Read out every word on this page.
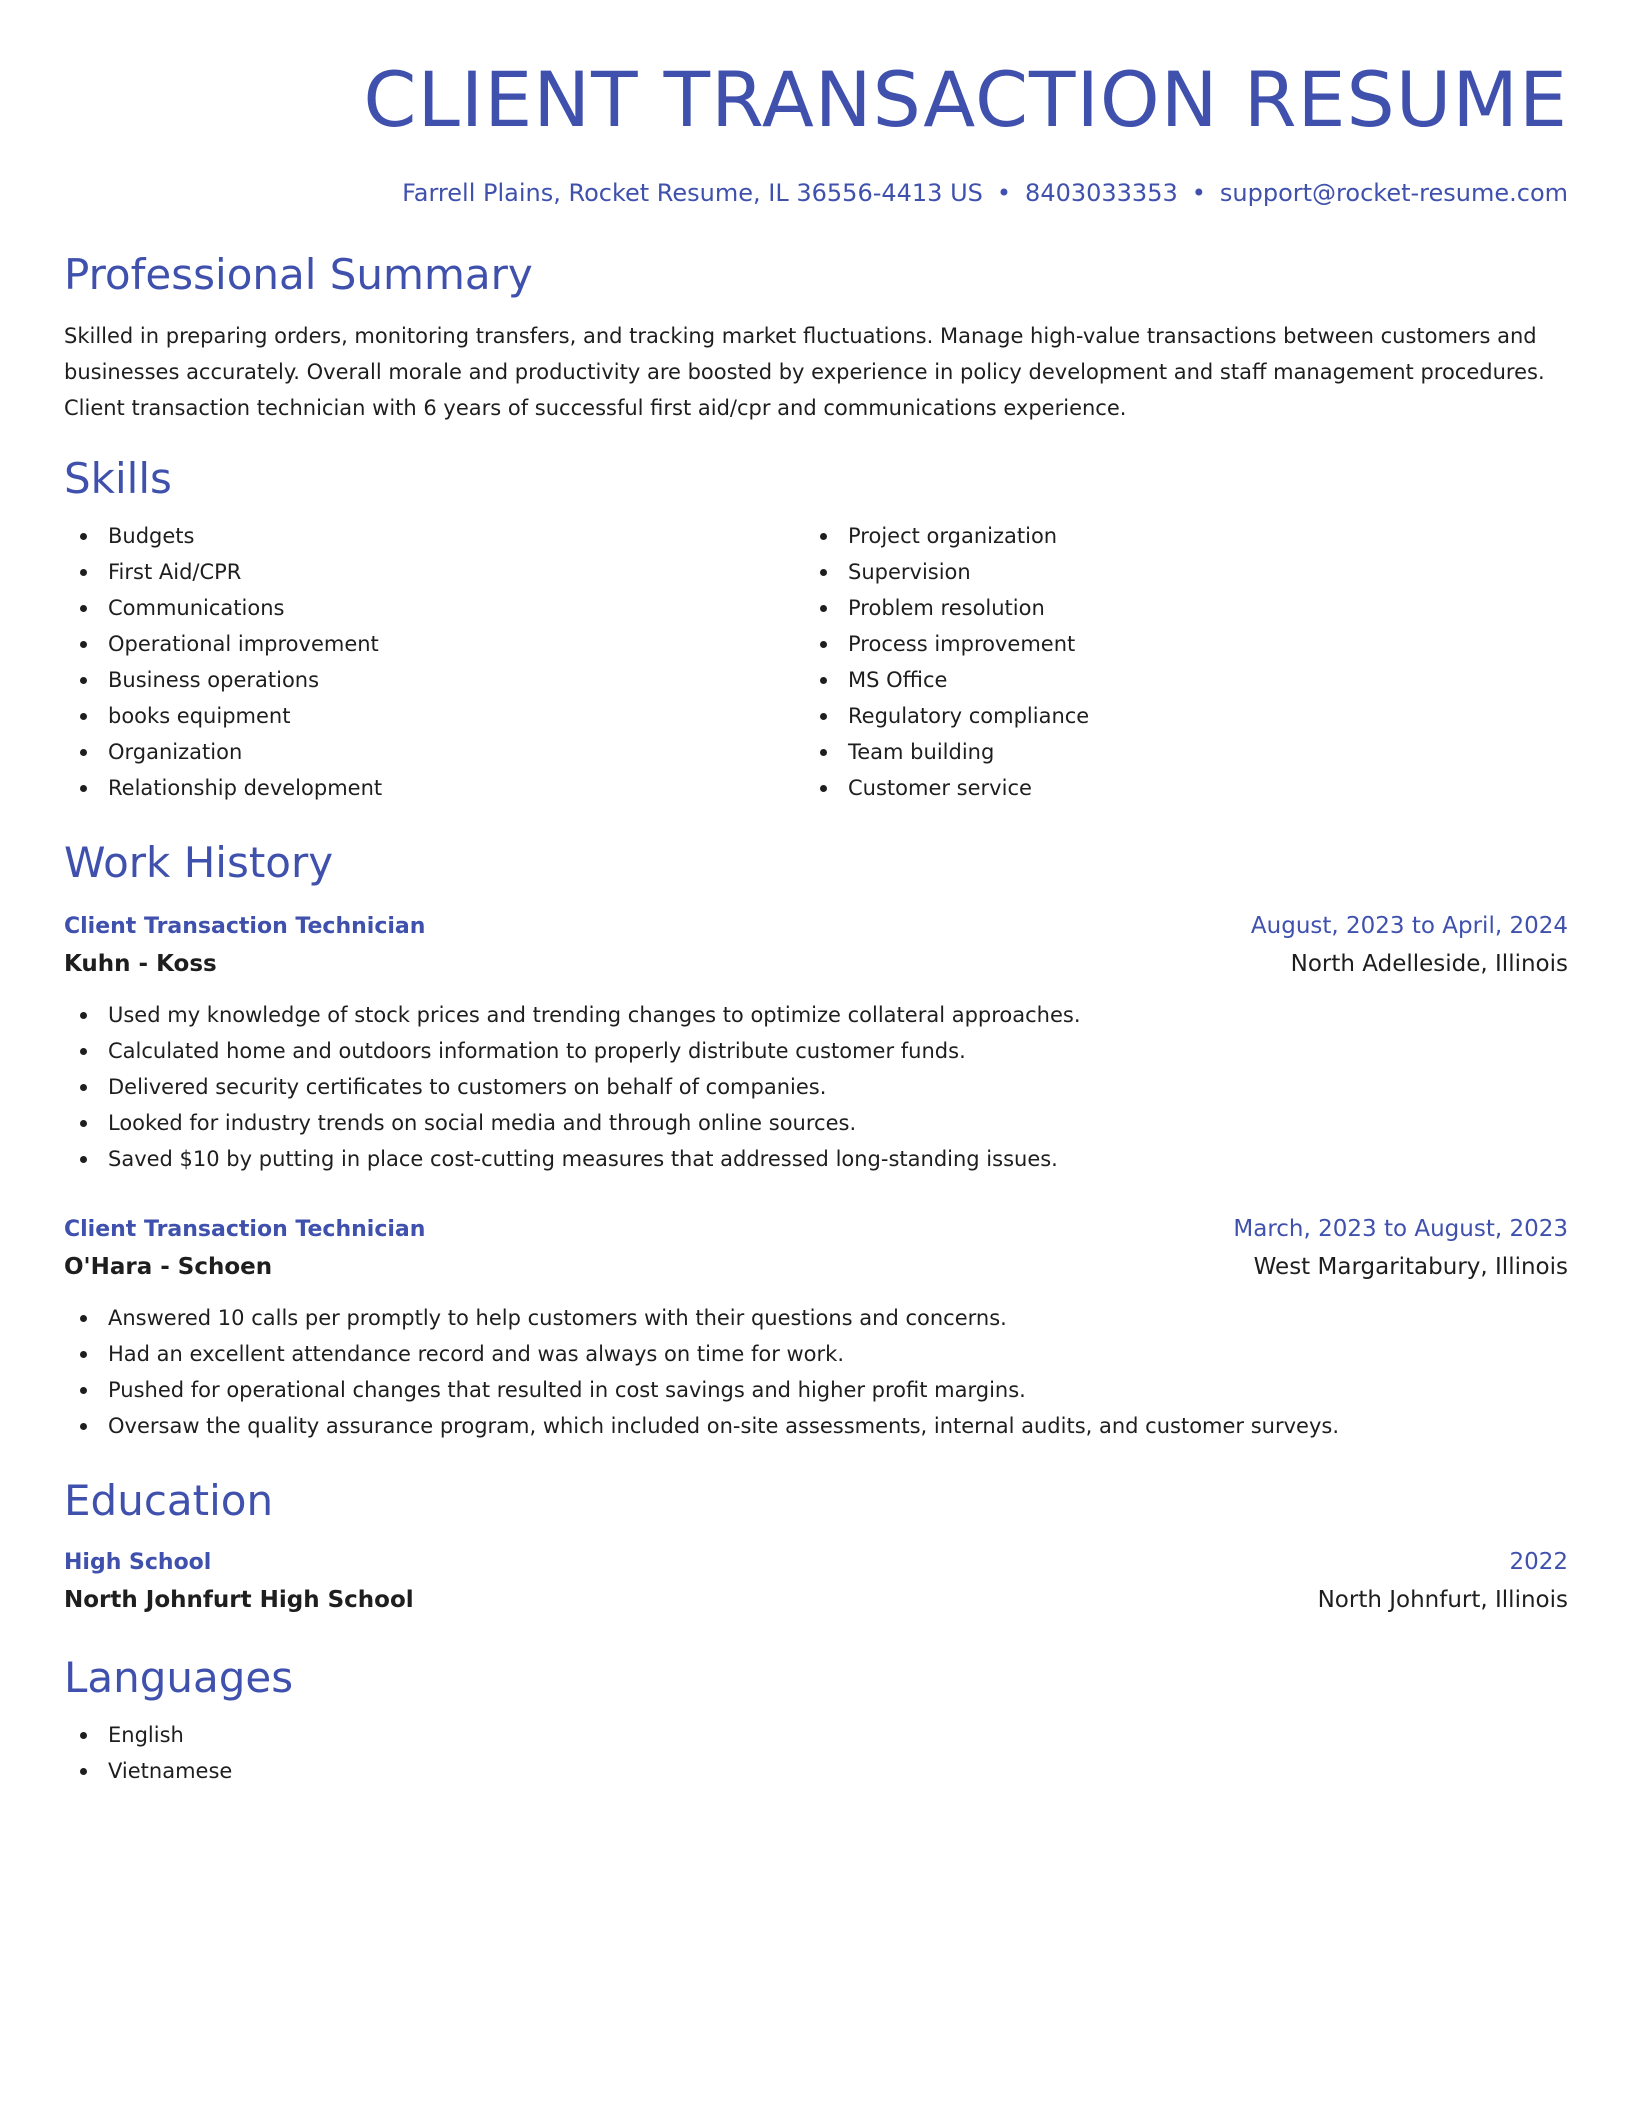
CLIENT TRANSACTION RESUME
Farrell Plains, Rocket Resume, IL 36556-4413 US • 8403033353 • support@rocket-resume.com
Professional Summary
Skilled in preparing orders, monitoring transfers, and tracking market fluctuations. Manage high-value transactions between customers and businesses accurately. Overall morale and productivity are boosted by experience in policy development and staff management procedures. Client transaction technician with 6 years of successful first aid/cpr and communications experience.
Skills
Budgets
First Aid/CPR
Communications
Operational improvement
Business operations
books equipment
Organization
Relationship development
Project organization
Supervision
Problem resolution
Process improvement
MS Office
Regulatory compliance
Team building
Customer service
Work History
Client Transaction Technician	August, 2023 to April, 2024
Kuhn - Koss	North Adelleside, Illinois
Used my knowledge of stock prices and trending changes to optimize collateral approaches.
Calculated home and outdoors information to properly distribute customer funds.
Delivered security certificates to customers on behalf of companies.
Looked for industry trends on social media and through online sources.
Saved $10 by putting in place cost-cutting measures that addressed long-standing issues.
Client Transaction Technician	March, 2023 to August, 2023
O'Hara - Schoen	West Margaritabury, Illinois
Answered 10 calls per promptly to help customers with their questions and concerns.
Had an excellent attendance record and was always on time for work.
Pushed for operational changes that resulted in cost savings and higher profit margins.
Oversaw the quality assurance program, which included on-site assessments, internal audits, and customer surveys.
Education
High School	2022
North Johnfurt High School	North Johnfurt, Illinois
Languages
English
Vietnamese
